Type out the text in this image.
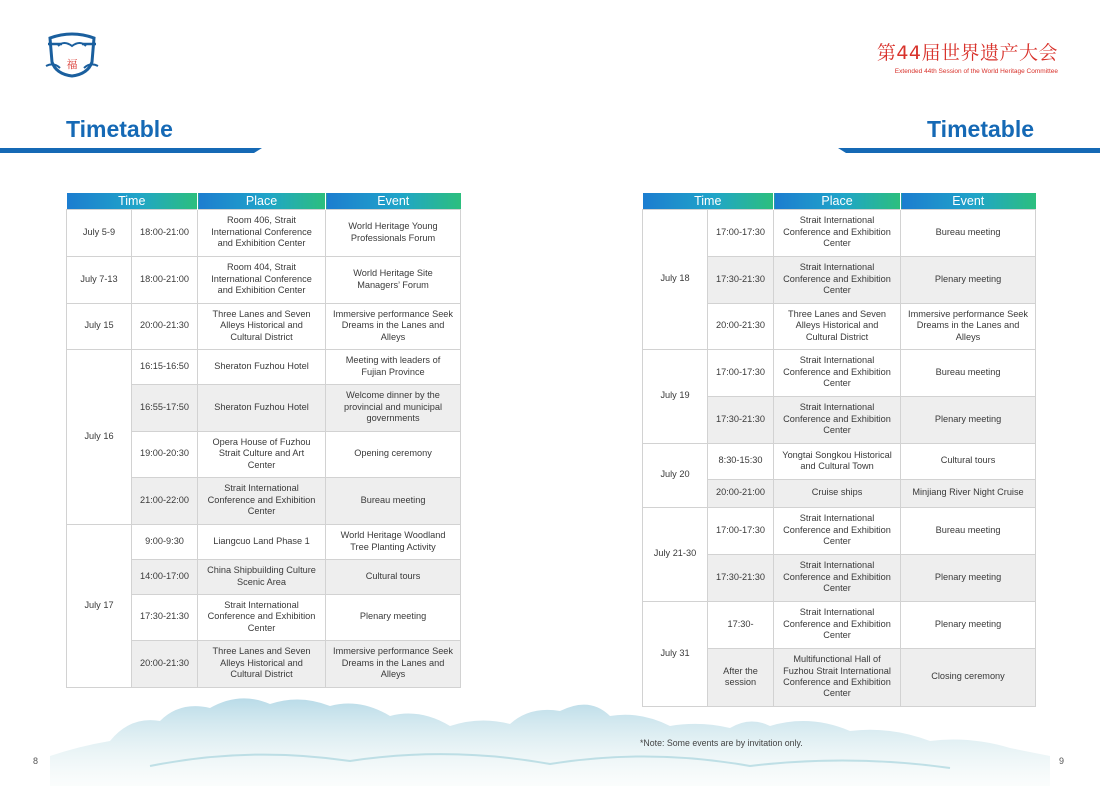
福
第44届世界遗产大会
Extended 44th Session of the World Heritage Committee
Timetable	Timetable
Time		Place	Event
July 5-9	18:00-21:00	Room 406, Strait International Conference and Exhibition Center	World Heritage Young Professionals Forum
July 7-13	18:00-21:00	Room 404, Strait International Conference and Exhibition Center	World Heritage Site Managers’ Forum
July 15	20:00-21:30	Three Lanes and Seven Alleys Historical and Cultural District	Immersive performance Seek Dreams in the Lanes and Alleys
July 16	16:15-16:50	Sheraton Fuzhou Hotel	Meeting with leaders of Fujian Province
	16:55-17:50	Sheraton Fuzhou Hotel	Welcome dinner by the provincial and municipal governments
	19:00-20:30	Opera House of Fuzhou Strait Culture and Art Center	Opening ceremony
	21:00-22:00	Strait International Conference and Exhibition Center	Bureau meeting
July 17	9:00-9:30	Liangcuo Land Phase 1	World Heritage Woodland Tree Planting Activity
	14:00-17:00	China Shipbuilding Culture Scenic Area	Cultural tours
	17:30-21:30	Strait International Conference and Exhibition Center	Plenary meeting
	20:00-21:30	Three Lanes and Seven Alleys Historical and Cultural District	Immersive performance Seek Dreams in the Lanes and Alleys
Time		Place	Event
July 18	17:00-17:30	Strait International Conference and Exhibition Center	Bureau meeting
	17:30-21:30	Strait International Conference and Exhibition Center	Plenary meeting
	20:00-21:30	Three Lanes and Seven Alleys Historical and Cultural District	Immersive performance Seek Dreams in the Lanes and Alleys
July 19	17:00-17:30	Strait International Conference and Exhibition Center	Bureau meeting
	17:30-21:30	Strait International Conference and Exhibition Center	Plenary meeting
July 20	8:30-15:30	Yongtai Songkou Historical and Cultural Town	Cultural tours
	20:00-21:00	Cruise ships	Minjiang River Night Cruise
July 21-30	17:00-17:30	Strait International Conference and Exhibition Center	Bureau meeting
	17:30-21:30	Strait International Conference and Exhibition Center	Plenary meeting
July 31	17:30-	Strait International Conference and Exhibition Center	Plenary meeting
	After the session	Multifunctional Hall of Fuzhou Strait International Conference and Exhibition Center	Closing ceremony
*Note: Some events are by invitation only.
8	9
